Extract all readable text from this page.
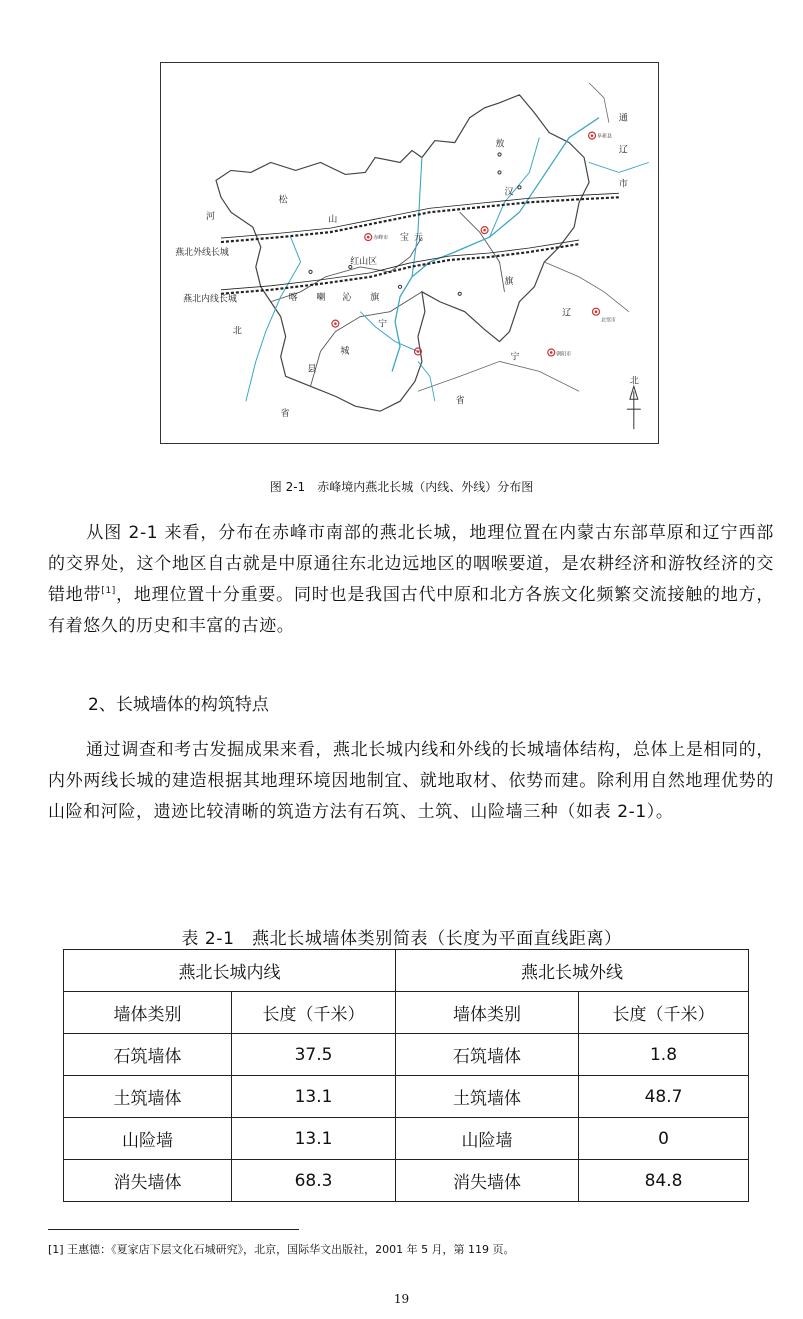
通
辽
市
阜新县
河
松
山
敖
汉
旗
元
宝
红山区
赤峰市
喀 喇 沁 旗
宁
城
县
北
省
辽
宁
省
燕北外线长城
燕北内线长城
北票市
朝阳市
北
图 2-1　赤峰境内燕北长城（内线、外线）分布图

从图 2-1 来看，分布在赤峰市南部的燕北长城，地理位置在内蒙古东部草原和辽宁西部的交界处，这个地区自古就是中原通往东北边远地区的咽喉要道，是农耕经济和游牧经济的交错地带[1]，地理位置十分重要。同时也是我国古代中原和北方各族文化频繁交流接触的地方，有着悠久的历史和丰富的古迹。

2、长城墙体的构筑特点

通过调查和考古发掘成果来看，燕北长城内线和外线的长城墙体结构，总体上是相同的，内外两线长城的建造根据其地理环境因地制宜、就地取材、依势而建。除利用自然地理优势的山险和河险，遗迹比较清晰的筑造方法有石筑、土筑、山险墙三种（如表 2-1）。

表 2-1　燕北长城墙体类别简表（长度为平面直线距离）
燕北长城内线		燕北长城外线	
墙体类别	长度（千米）	墙体类别	长度（千米）
石筑墙体	37.5	石筑墙体	1.8
土筑墙体	13.1	土筑墙体	48.7
山险墙	13.1	山险墙	0
消失墙体	68.3	消失墙体	84.8
[1] 王惠德：《夏家店下层文化石城研究》，北京，国际华文出版社，2001 年 5 月，第 119 页。
19
